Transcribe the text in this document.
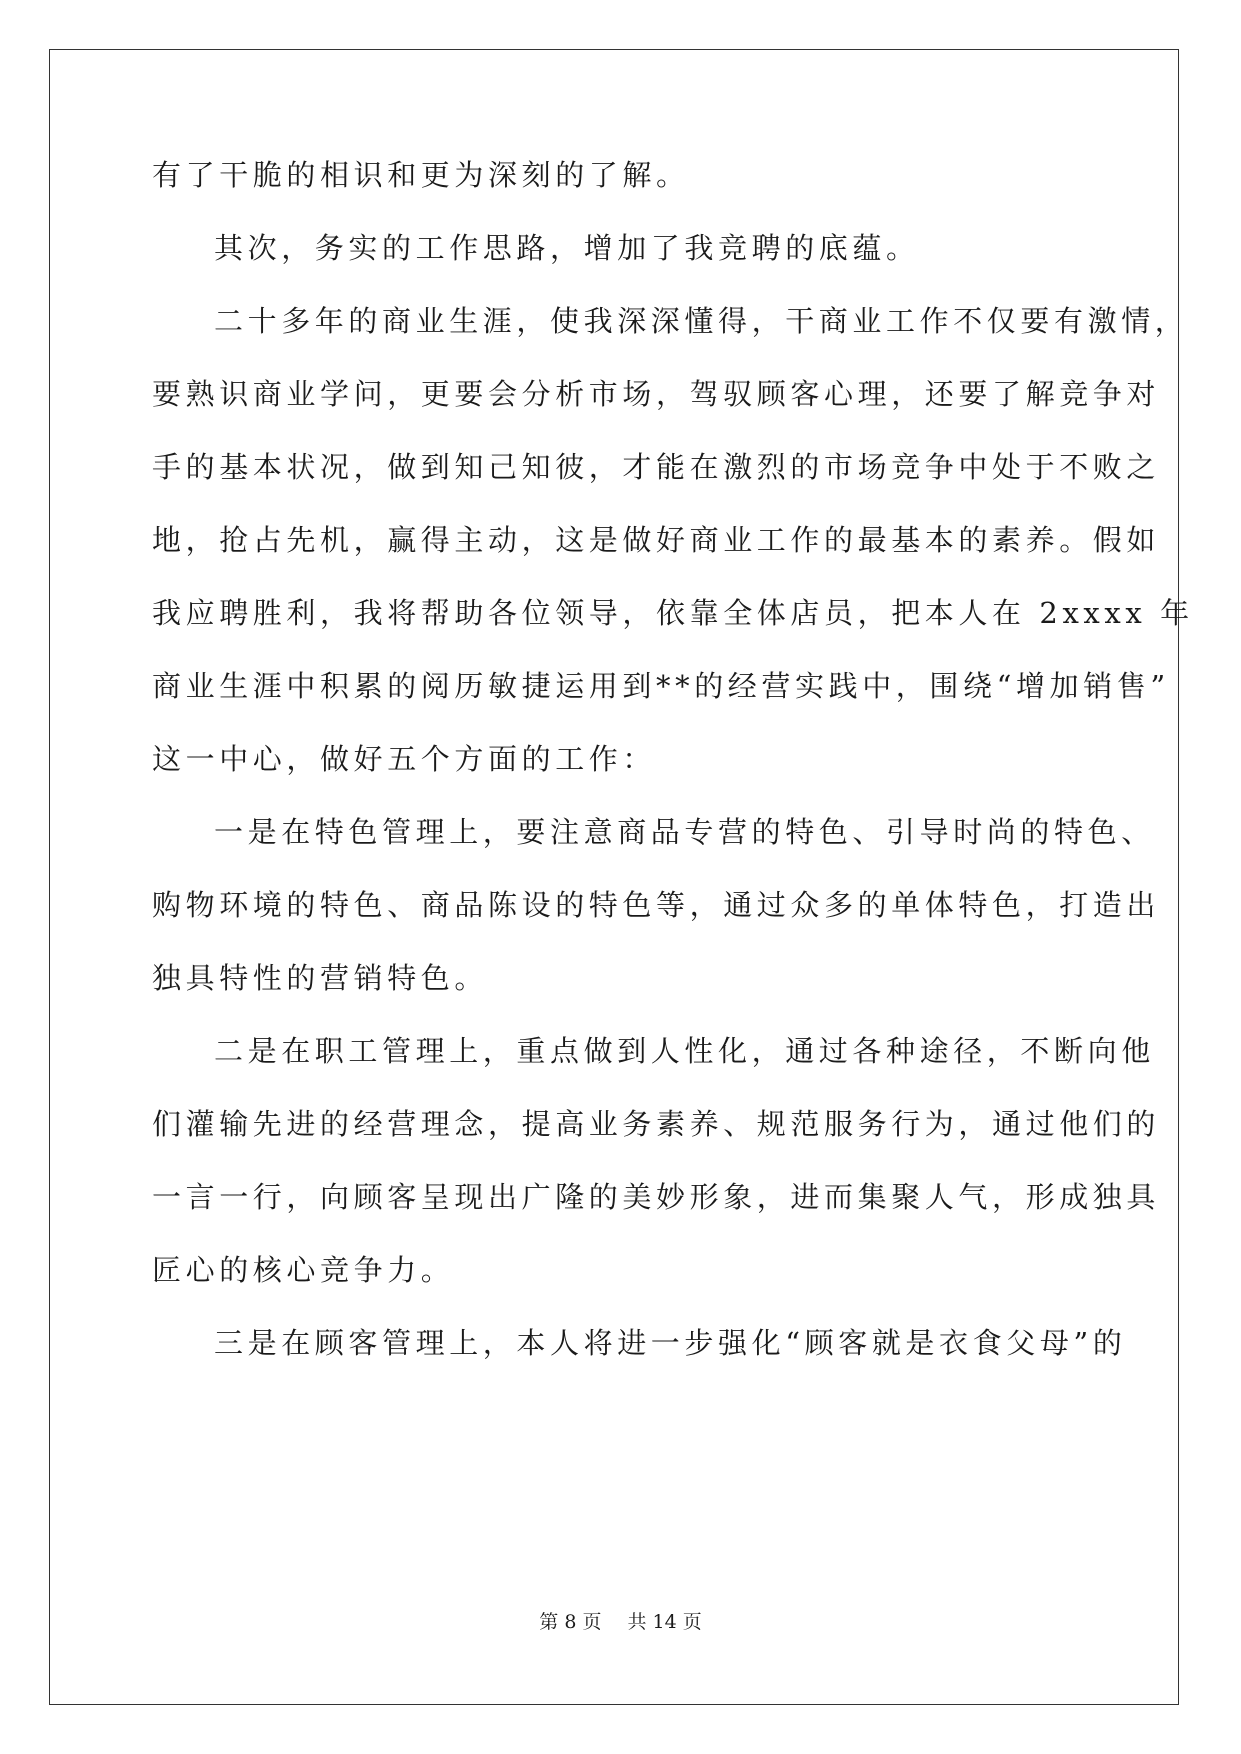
有了干脆的相识和更为深刻的了解。
其次，务实的工作思路，增加了我竞聘的底蕴。
二十多年的商业生涯，使我深深懂得，干商业工作不仅要有激情，
要熟识商业学问，更要会分析市场，驾驭顾客心理，还要了解竞争对
手的基本状况，做到知己知彼，才能在激烈的市场竞争中处于不败之
地，抢占先机，赢得主动，这是做好商业工作的最基本的素养。假如
我应聘胜利，我将帮助各位领导，依靠全体店员，把本人在 2xxxx 年
商业生涯中积累的阅历敏捷运用到**的经营实践中，围绕“增加销售”
这一中心，做好五个方面的工作：
一是在特色管理上，要注意商品专营的特色、引导时尚的特色、
购物环境的特色、商品陈设的特色等，通过众多的单体特色，打造出
独具特性的营销特色。
二是在职工管理上，重点做到人性化，通过各种途径，不断向他
们灌输先进的经营理念，提高业务素养、规范服务行为，通过他们的
一言一行，向顾客呈现出广隆的美妙形象，进而集聚人气，形成独具
匠心的核心竞争力。
三是在顾客管理上，本人将进一步强化“顾客就是衣食父母”的
第 8 页 共 14 页
